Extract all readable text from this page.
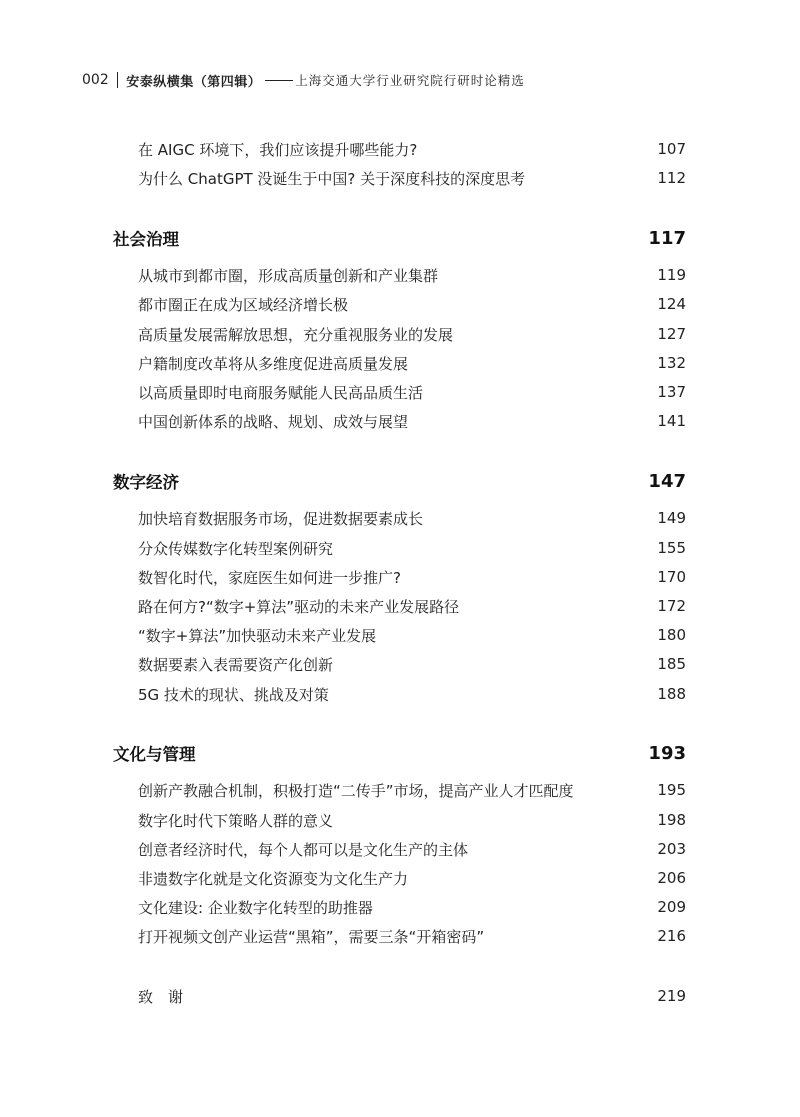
002 安泰纵横集（第四辑）	上海交通大学行业研究院行研时论精选
在 AIGC 环境下，我们应该提升哪些能力?	107
为什么 ChatGPT 没诞生于中国? 关于深度科技的深度思考	112
社会治理	117
从城市到都市圈，形成高质量创新和产业集群	119
都市圈正在成为区域经济增长极	124
高质量发展需解放思想，充分重视服务业的发展	127
户籍制度改革将从多维度促进高质量发展	132
以高质量即时电商服务赋能人民高品质生活	137
中国创新体系的战略、规划、成效与展望	141
数字经济	147
加快培育数据服务市场，促进数据要素成长	149
分众传媒数字化转型案例研究	155
数智化时代，家庭医生如何进一步推广?	170
路在何方?“数字+算法”驱动的未来产业发展路径	172
“数字+算法”加快驱动未来产业发展	180
数据要素入表需要资产化创新	185
5G 技术的现状、挑战及对策	188
文化与管理	193
创新产教融合机制，积极打造“二传手”市场，提高产业人才匹配度	195
数字化时代下策略人群的意义	198
创意者经济时代，每个人都可以是文化生产的主体	203
非遗数字化就是文化资源变为文化生产力	206
文化建设: 企业数字化转型的助推器	209
打开视频文创产业运营“黑箱”，需要三条“开箱密码”	216
致　谢	219
